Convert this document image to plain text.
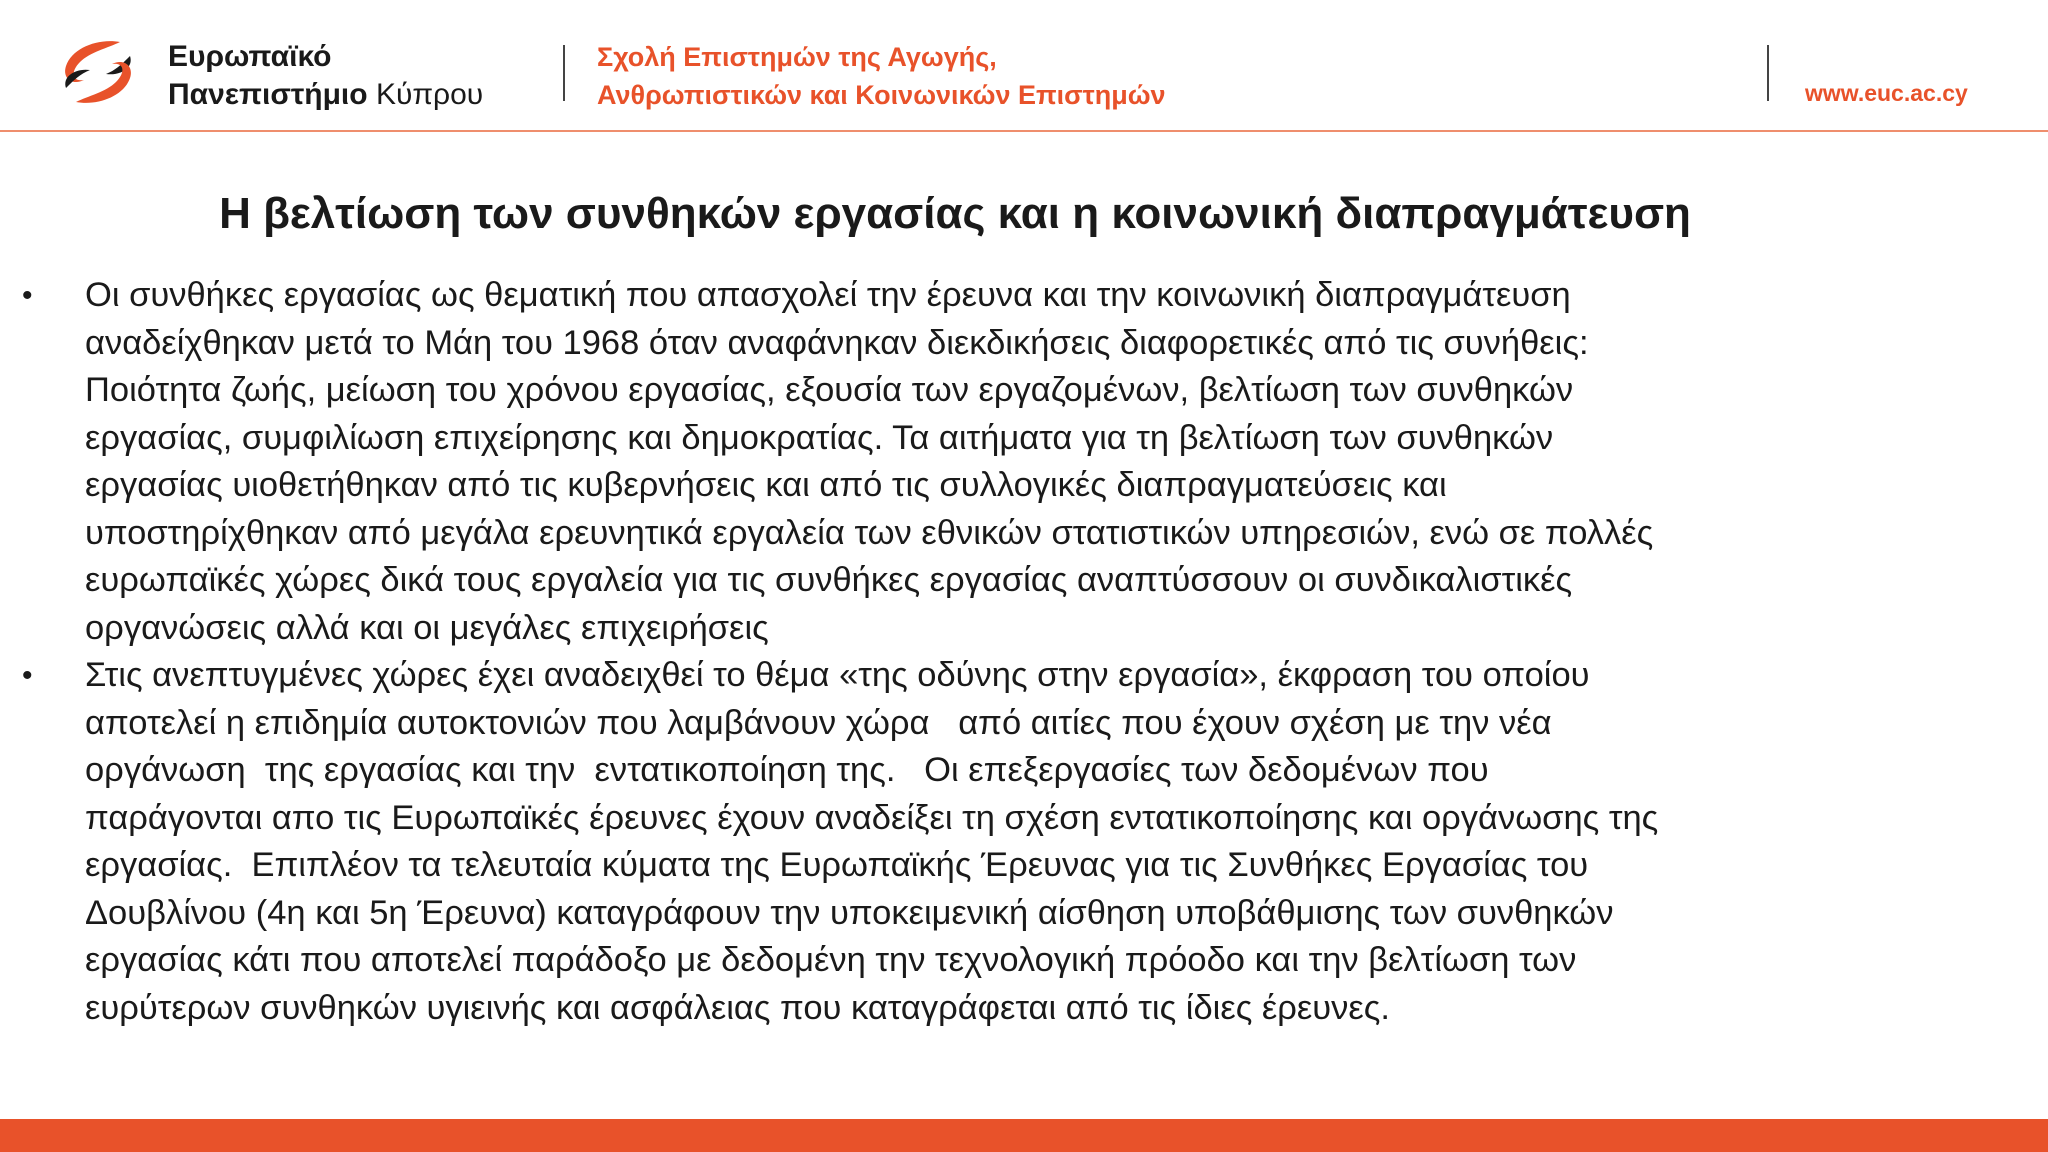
Ευρωπαϊκό
Πανεπιστήμιο Κύπρου
Σχολή Επιστημών της Αγωγής,
Ανθρωπιστικών και Κοινωνικών Επιστημών	www.euc.ac.cy
Η βελτίωση των συνθηκών εργασίας και η κοινωνική διαπραγμάτευση
• Οι συνθήκες εργασίας ως θεματική που απασχολεί την έρευνα και την κοινωνική διαπραγμάτευση
αναδείχθηκαν μετά το Μάη του 1968 όταν αναφάνηκαν διεκδικήσεις διαφορετικές από τις συνήθεις:
Ποιότητα ζωής, μείωση του χρόνου εργασίας, εξουσία των εργαζομένων, βελτίωση των συνθηκών
εργασίας, συμφιλίωση επιχείρησης και δημοκρατίας. Τα αιτήματα για τη βελτίωση των συνθηκών
εργασίας υιοθετήθηκαν από τις κυβερνήσεις και από τις συλλογικές διαπραγματεύσεις και
υποστηρίχθηκαν από μεγάλα ερευνητικά εργαλεία των εθνικών στατιστικών υπηρεσιών, ενώ σε πολλές
ευρωπαϊκές χώρες δικά τους εργαλεία για τις συνθήκες εργασίας αναπτύσσουν οι συνδικαλιστικές
οργανώσεις αλλά και οι μεγάλες επιχειρήσεις
• Στις ανεπτυγμένες χώρες έχει αναδειχθεί το θέμα «της οδύνης στην εργασία», έκφραση του οποίου
αποτελεί η επιδημία αυτοκτονιών που λαμβάνουν χώρα   από αιτίες που έχουν σχέση με την νέα
οργάνωση  της εργασίας και την  εντατικοποίηση της.   Οι επεξεργασίες των δεδομένων που
παράγονται απο τις Ευρωπαϊκές έρευνες έχουν αναδείξει τη σχέση εντατικοποίησης και οργάνωσης της
εργασίας.  Επιπλέον τα τελευταία κύματα της Ευρωπαϊκής Έρευνας για τις Συνθήκες Εργασίας του
Δουβλίνου (4η και 5η Έρευνα) καταγράφουν την υποκειμενική αίσθηση υποβάθμισης των συνθηκών
εργασίας κάτι που αποτελεί παράδοξο με δεδομένη την τεχνολογική πρόοδο και την βελτίωση των
ευρύτερων συνθηκών υγιεινής και ασφάλειας που καταγράφεται από τις ίδιες έρευνες.
